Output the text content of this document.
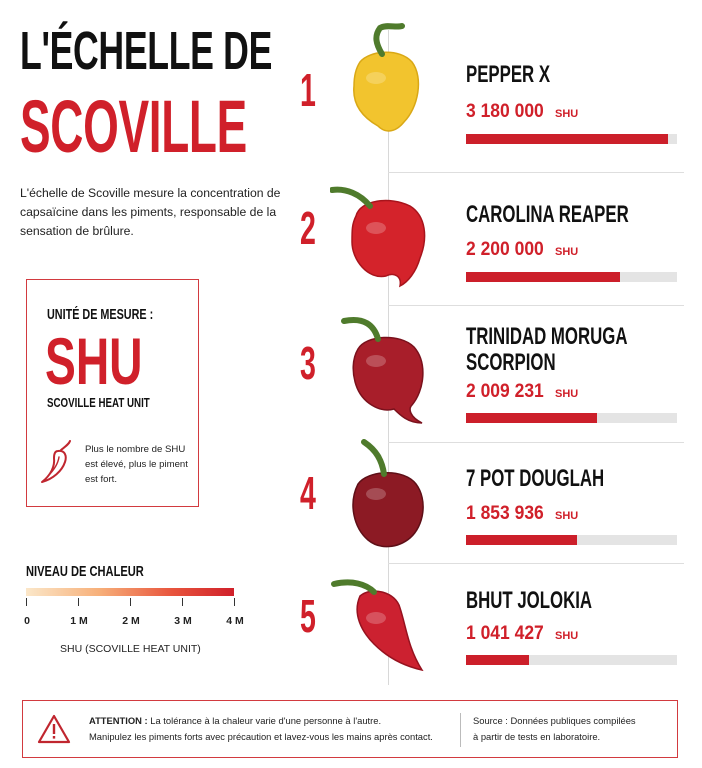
L'ÉCHELLE DE
SCOVILLE

L'échelle de Scoville mesure la concentration de capsaïcine dans les piments, responsable de la sensation de brûlure.

UNITÉ DE MESURE :
SHU
SCOVILLE HEAT UNIT

Plus le nombre de SHU est élevé, plus le piment est fort.

NIVEAU DE CHALEUR
0	1 M	2 M	3 M	4 M
SHU (SCOVILLE HEAT UNIT)
1	PEPPER X
3 180 000 SHU
2	CAROLINA REAPER
2 200 000 SHU
3
TRINIDAD MORUGA
SCORPION
2 009 231 SHU
4	7 POT DOUGLAH
1 853 936 SHU
5	BHUT JOLOKIA
1 041 427 SHU
ATTENTION : La tolérance à la chaleur varie d'une personne à l'autre.
Manipulez les piments forts avec précaution et lavez-vous les mains après contact.
Source : Données publiques compilées
à partir de tests en laboratoire.
